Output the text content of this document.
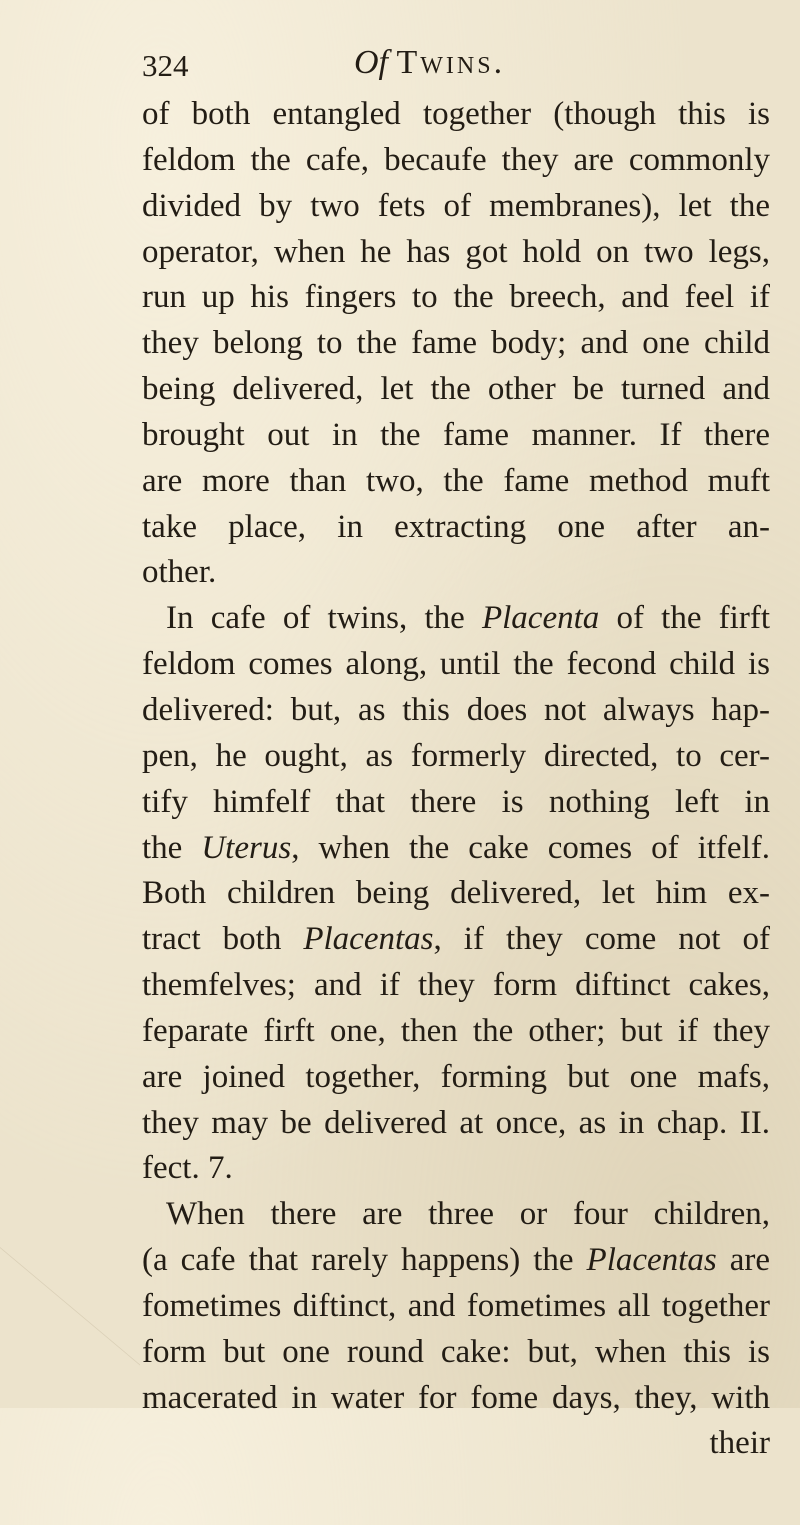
324	Of Twins.
of both entangled together (though this is
feldom the cafe, becaufe they are commonly
divided by two fets of membranes), let the
operator, when he has got hold on two legs,
run up his fingers to the breech, and feel if
they belong to the fame body; and one child
being delivered, let the other be turned and
brought out in the fame manner. If there
are more than two, the fame method muft
take place, in extracting one after an-
other.
In cafe of twins, the Placenta of the firft
feldom comes along, until the fecond child is
delivered: but, as this does not always hap-
pen, he ought, as formerly directed, to cer-
tify himfelf that there is nothing left in
the Uterus, when the cake comes of itfelf.
Both children being delivered, let him ex-
tract both Placentas, if they come not of
themfelves; and if they form diftinct cakes,
feparate firft one, then the other; but if they
are joined together, forming but one mafs,
they may be delivered at once, as in chap. II.
fect. 7.
When there are three or four children,
(a cafe that rarely happens) the Placentas are
fometimes diftinct, and fometimes all together
form but one round cake: but, when this is
macerated in water for fome days, they, with
their
